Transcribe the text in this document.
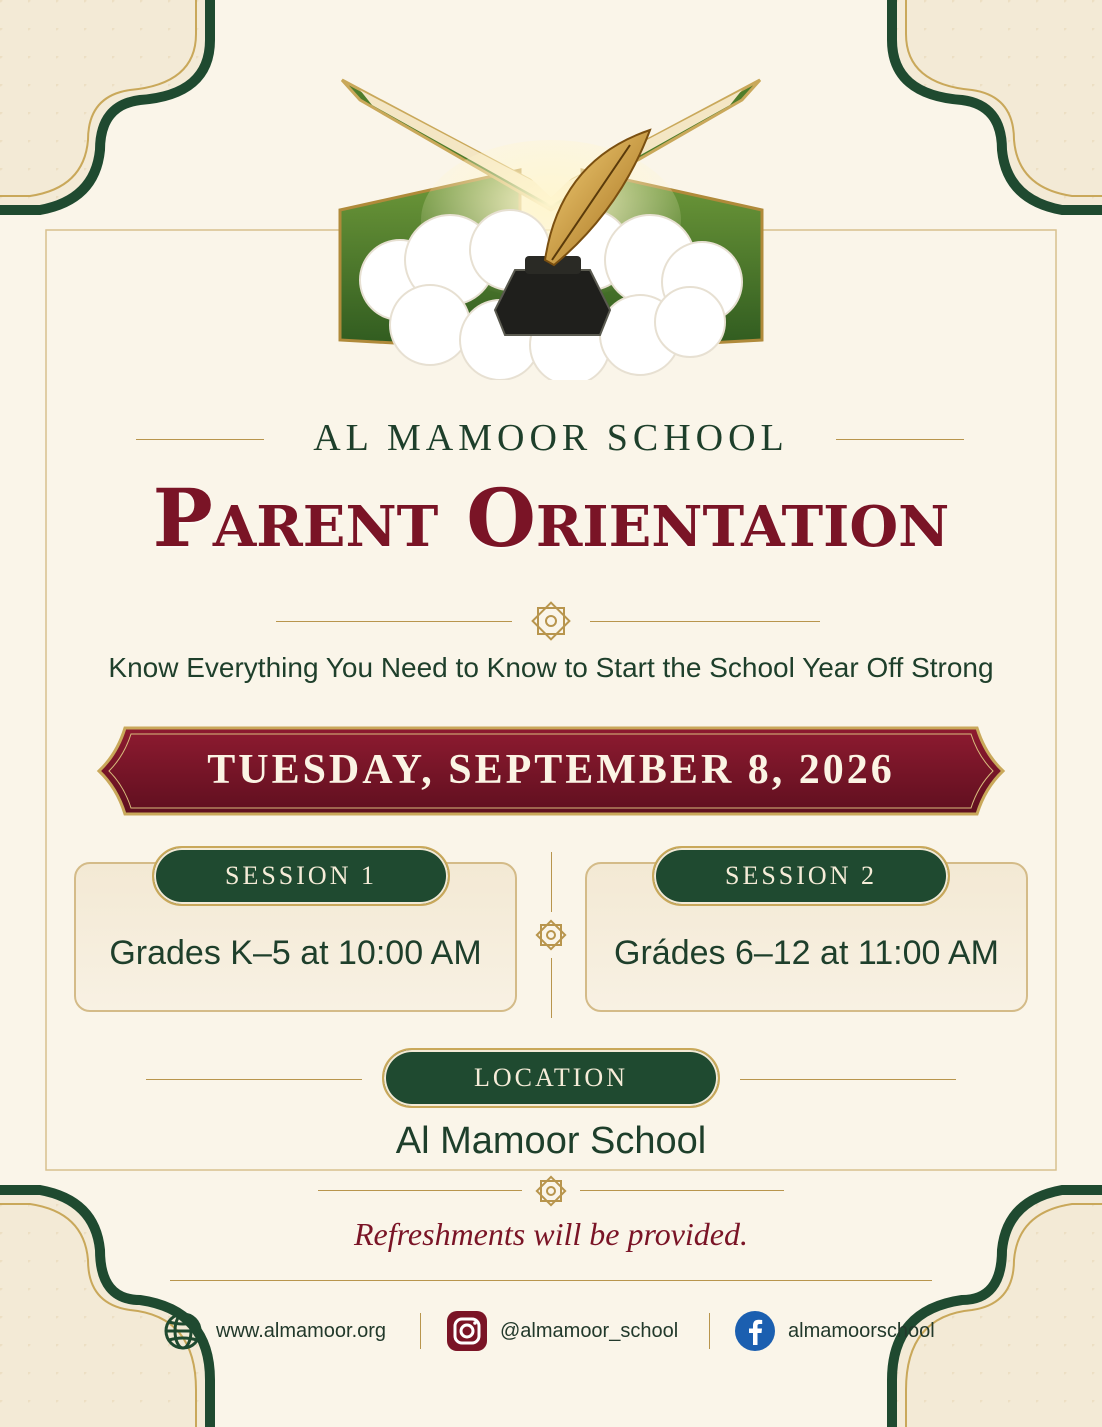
AL MAMOOR SCHOOL
Parent Orientation
Know Everything You Need to Know to Start the School Year Off Strong
TUESDAY, SEPTEMBER 8, 2026
SESSION 1
Grades K–5 at 10:00 AM
SESSION 2
Grádes 6–12 at 11:00 AM
LOCATION
Al Mamoor School
Refreshments will be provided.
www.almamoor.org	@almamoor_school	almamoorschool
